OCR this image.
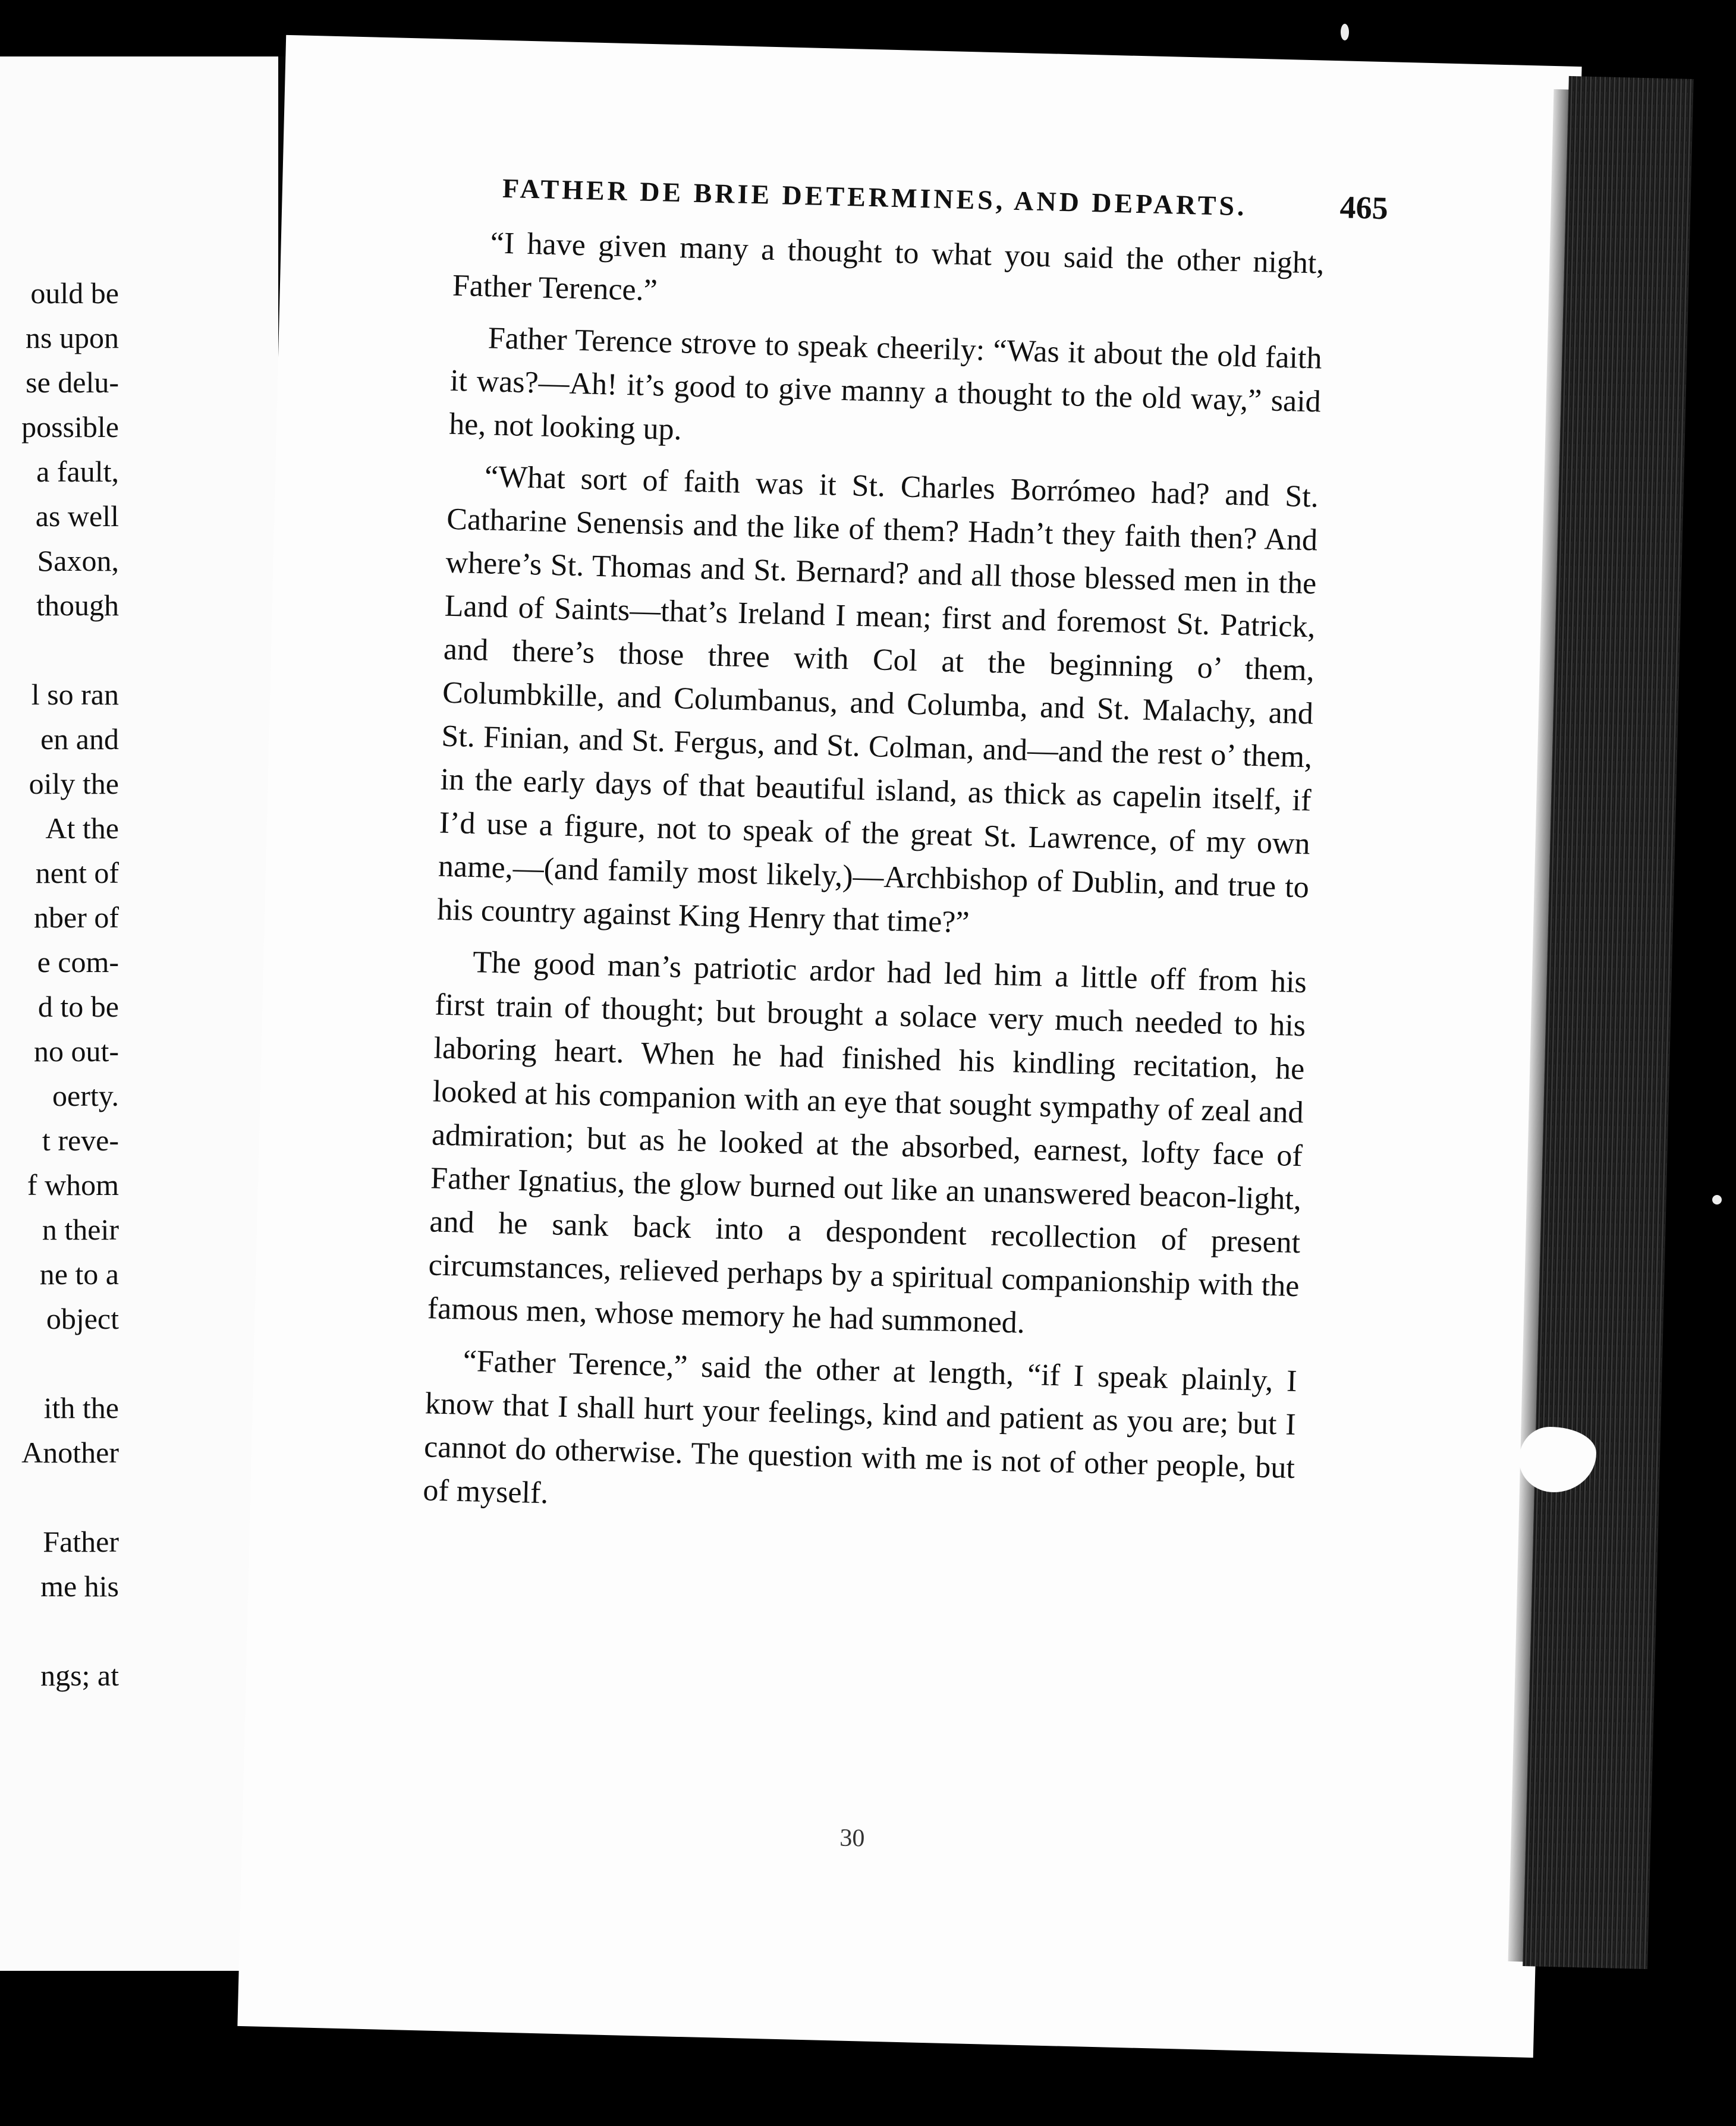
ould be
ns upon
se delu-
possible
a fault,
as well
Saxon,
though
l so ran
en and
oily the
At the
nent of
nber of
e com-
d to be
no out-
oerty.
t reve-
f whom
n their
ne to a
object
ith the
Another
Father
me his
ngs; at
FATHER DE BRIE DETERMINES, AND DEPARTS.	465

“I have given many a thought to what you said the other night, Father Terence.”

Father Terence strove to speak cheerily: “Was it about the old faith it was?—Ah! it’s good to give manny a thought to the old way,” said he, not looking up.

“What sort of faith was it St. Charles Borrómeo had? and St. Catharine Senensis and the like of them? Hadn’t they faith then? And where’s St. Thomas and St. Bernard? and all those blessed men in the Land of Saints—that’s Ireland I mean; first and foremost St. Patrick, and there’s those three with Col at the beginning o’ them, Columbkille, and Columbanus, and Columba, and St. Malachy, and St. Finian, and St. Fergus, and St. Colman, and—and the rest o’ them, in the early days of that beautiful island, as thick as capelin itself, if I’d use a figure, not to speak of the great St. Lawrence, of my own name,—(and family most likely,)—Archbishop of Dublin, and true to his country against King Henry that time?”

The good man’s patriotic ardor had led him a little off from his first train of thought; but brought a solace very much needed to his laboring heart. When he had finished his kindling recitation, he looked at his companion with an eye that sought sympathy of zeal and admiration; but as he looked at the absorbed, earnest, lofty face of Father Ignatius, the glow burned out like an unanswered beacon-light, and he sank back into a despondent recollection of present circumstances, relieved perhaps by a spiritual companionship with the famous men, whose memory he had summoned.

“Father Terence,” said the other at length, “if I speak plainly, I know that I shall hurt your feelings, kind and patient as you are; but I cannot do otherwise. The question with me is not of other people, but of myself.

30
